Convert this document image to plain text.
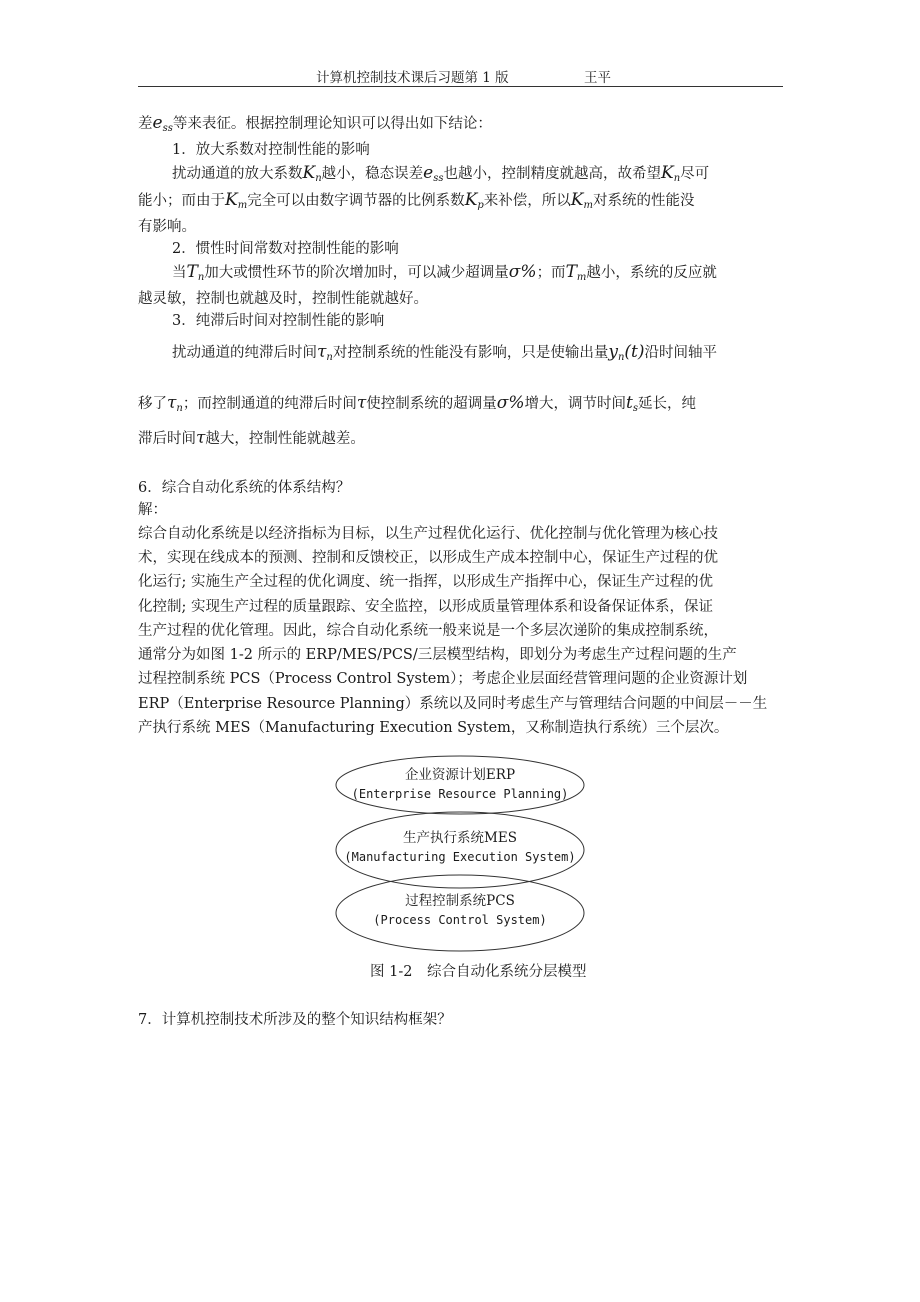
计算机控制技术课后习题第 1 版	王平
差$e_{ss}$等来表征。根据控制理论知识可以得出如下结论：
1．放大系数对控制性能的影响
扰动通道的放大系数$K_n$越小，稳态误差$e_{ss}$也越小，控制精度就越高，故希望$K_n$尽可
能小；而由于$K_m$完全可以由数字调节器的比例系数$K_p$来补偿，所以$K_m$对系统的性能没
有影响。
2．惯性时间常数对控制性能的影响
当$T_n$加大或惯性环节的阶次增加时，可以减少超调量σ%；而$T_m$越小，系统的反应就
越灵敏，控制也就越及时，控制性能就越好。
3．纯滞后时间对控制性能的影响
扰动通道的纯滞后时间$\tau_n$对控制系统的性能没有影响，只是使输出量$y_n(t)$沿时间轴平
移了$\tau_n$；而控制通道的纯滞后时间τ使控制系统的超调量σ%增大，调节时间$t_s$延长，纯
滞后时间τ越大，控制性能就越差。
6．综合自动化系统的体系结构？
解：
综合自动化系统是以经济指标为目标，以生产过程优化运行、优化控制与优化管理为核心技
术，实现在线成本的预测、控制和反馈校正，以形成生产成本控制中心，保证生产过程的优
化运行; 实施生产全过程的优化调度、统一指挥，以形成生产指挥中心，保证生产过程的优
化控制; 实现生产过程的质量跟踪、安全监控，以形成质量管理体系和设备保证体系，保证
生产过程的优化管理。因此，综合自动化系统一般来说是一个多层次递阶的集成控制系统，
通常分为如图 1-2 所示的 ERP/MES/PCS/三层模型结构，即划分为考虑生产过程问题的生产
过程控制系统 PCS（Process Control System）；考虑企业层面经营管理问题的企业资源计划
ERP（Enterprise Resource Planning）系统以及同时考虑生产与管理结合问题的中间层－－生
产执行系统 MES（Manufacturing Execution System，又称制造执行系统）三个层次。
企业资源计划ERP
(Enterprise Resource Planning)
生产执行系统MES
(Manufacturing Execution System)
过程控制系统PCS
(Process Control System)
图 1-2　综合自动化系统分层模型
7．计算机控制技术所涉及的整个知识结构框架？
